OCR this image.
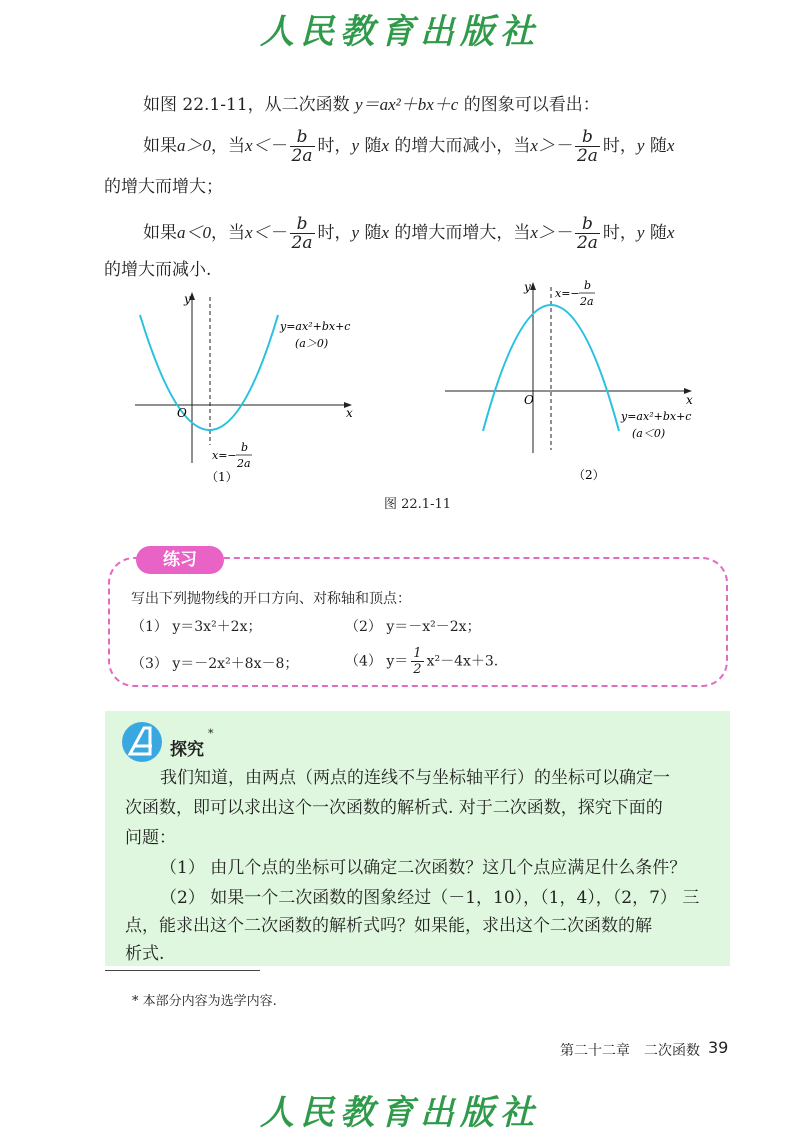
人民教育出版社
如图 22.1-11，从二次函数 y＝ax²＋bx＋c 的图象可以看出：
如果a＞0，当$x<- \frac{b}{2a}$ 时，y 随x 的增大而减小，当$x>- \frac{b}{2a}$ 时，y 随x
的增大而增大；
如果a＜0，当$x<- \frac{b}{2a}$ 时，y 随x 的增大而增大，当$x>- \frac{b}{2a}$ 时，y 随x
的增大而减小.
x
y
O
y=ax²+bx+c
(a＞0)
x=−
b
2a
（1）
x
y
O
x=−
b
2a
y=ax²+bx+c
(a＜0)
（2）
图 22.1-11
练习
写出下列抛物线的开口方向、对称轴和顶点：
（1） y＝3x²＋2x；	（2） y＝－x²－2x；
（3） y＝－2x²＋8x－8；	（4） $y= \frac{1}{2} x^2-4x+3$.
探究
*
我们知道，由两点（两点的连线不与坐标轴平行）的坐标可以确定一
次函数，即可以求出这个一次函数的解析式. 对于二次函数，探究下面的
问题：
（1） 由几个点的坐标可以确定二次函数？这几个点应满足什么条件？
（2） 如果一个二次函数的图象经过（－1，10），（1，4），（2，7） 三
点，能求出这个二次函数的解析式吗？如果能，求出这个二次函数的解
析式.
* 本部分内容为选学内容.
第二十二章　二次函数 39
人民教育出版社
